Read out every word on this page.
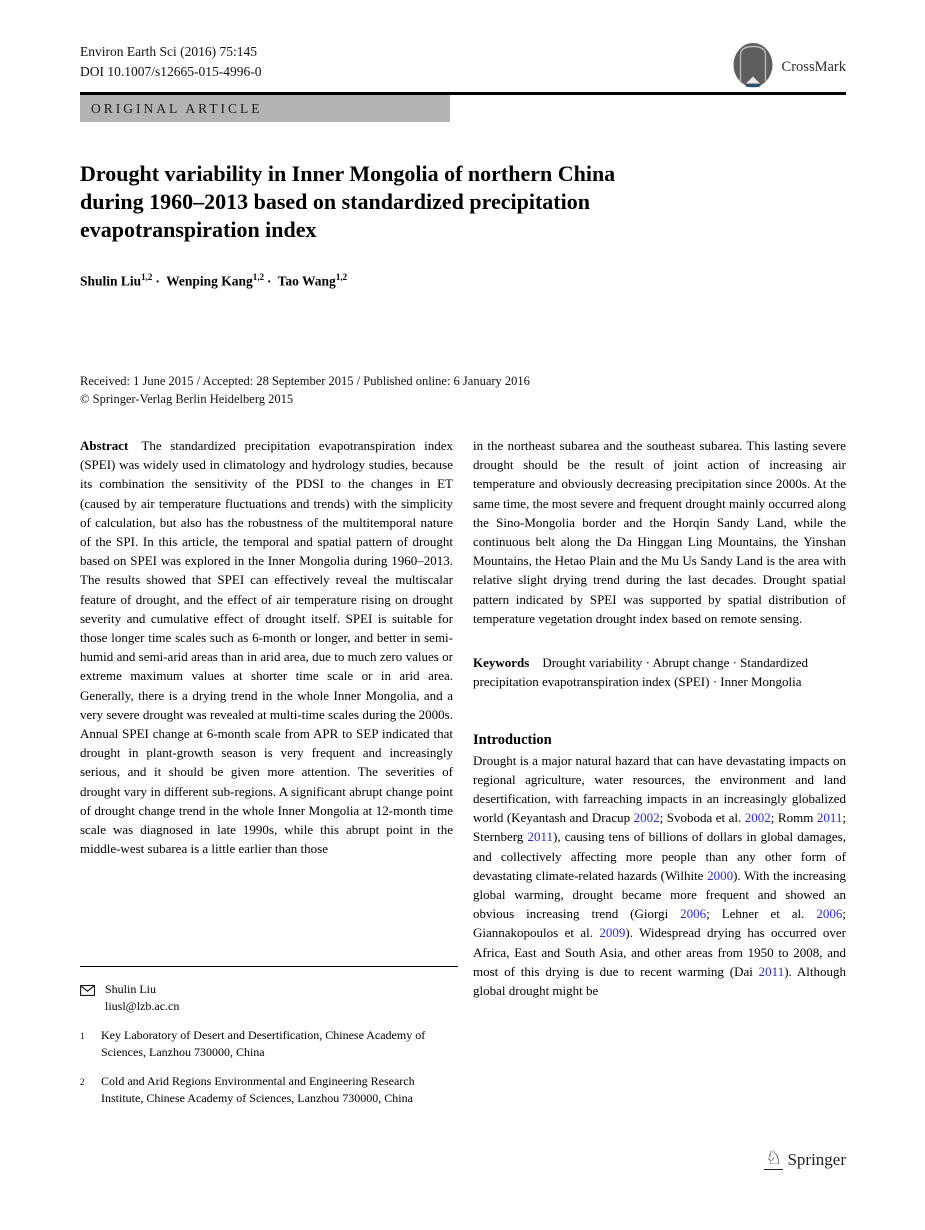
Environ Earth Sci (2016) 75:145
DOI 10.1007/s12665-015-4996-0	CrossMark
ORIGINAL ARTICLE
Drought variability in Inner Mongolia of northern China
during 1960–2013 based on standardized precipitation
evapotranspiration index
Shulin Liu$^{1,2}$ · Wenping Kang$^{1,2}$ · Tao Wang$^{1,2}$
Received: 1 June 2015 / Accepted: 28 September 2015 / Published online: 6 January 2016
© Springer-Verlag Berlin Heidelberg 2015

Abstract The standardized precipitation evapotranspiration index (SPEI) was widely used in climatology and hydrology studies, because its combination the sensitivity of the PDSI to the changes in ET (caused by air temperature fluctuations and trends) with the simplicity of calculation, but also has the robustness of the multitemporal nature of the SPI. In this article, the temporal and spatial pattern of drought based on SPEI was explored in the Inner Mongolia during 1960–2013. The results showed that SPEI can effectively reveal the multiscalar feature of drought, and the effect of air temperature rising on drought severity and cumulative effect of drought itself. SPEI is suitable for those longer time scales such as 6-month or longer, and better in semi-humid and semi-arid areas than in arid area, due to much zero values or extreme maximum values at shorter time scale or in arid area. Generally, there is a drying trend in the whole Inner Mongolia, and a very severe drought was revealed at multi-time scales during the 2000s. Annual SPEI change at 6-month scale from APR to SEP indicated that drought in plant-growth season is very frequent and increasingly serious, and it should be given more attention. The severities of drought vary in different sub-regions. A significant abrupt change point of drought change trend in the whole Inner Mongolia at 12-month time scale was diagnosed in late 1990s, while this abrupt point in the middle-west subarea is a little earlier than those

in the northeast subarea and the southeast subarea. This lasting severe drought should be the result of joint action of increasing air temperature and obviously decreasing precipitation since 2000s. At the same time, the most severe and frequent drought mainly occurred along the Sino-Mongolia border and the Horqin Sandy Land, while the continuous belt along the Da Hinggan Ling Mountains, the Yinshan Mountains, the Hetao Plain and the Mu Us Sandy Land is the area with relative slight drying trend during the last decades. Drought spatial pattern indicated by SPEI was supported by spatial distribution of temperature vegetation drought index based on remote sensing.

Keywords Drought variability · Abrupt change · Standardized precipitation evapotranspiration index (SPEI) · Inner Mongolia
Introduction

Drought is a major natural hazard that can have devastating impacts on regional agriculture, water resources, the environment and land desertification, with farreaching impacts in an increasingly globalized world (Keyantash and Dracup 2002; Svoboda et al. 2002; Romm 2011; Sternberg 2011), causing tens of billions of dollars in global damages, and collectively affecting more people than any other form of devastating climate-related hazards (Wilhite 2000). With the increasing global warming, drought became more frequent and showed an obvious increasing trend (Giorgi 2006; Lehner et al. 2006; Giannakopoulos et al. 2009). Widespread drying has occurred over Africa, East and South Asia, and other areas from 1950 to 2008, and most of this drying is due to recent warming (Dai 2011). Although global drought might be

Shulin Liu
liusl@lzb.ac.cn
1 Key Laboratory of Desert and Desertification, Chinese Academy of Sciences, Lanzhou 730000, China
2 Cold and Arid Regions Environmental and Engineering Research Institute, Chinese Academy of Sciences, Lanzhou 730000, China
♘ Springer
